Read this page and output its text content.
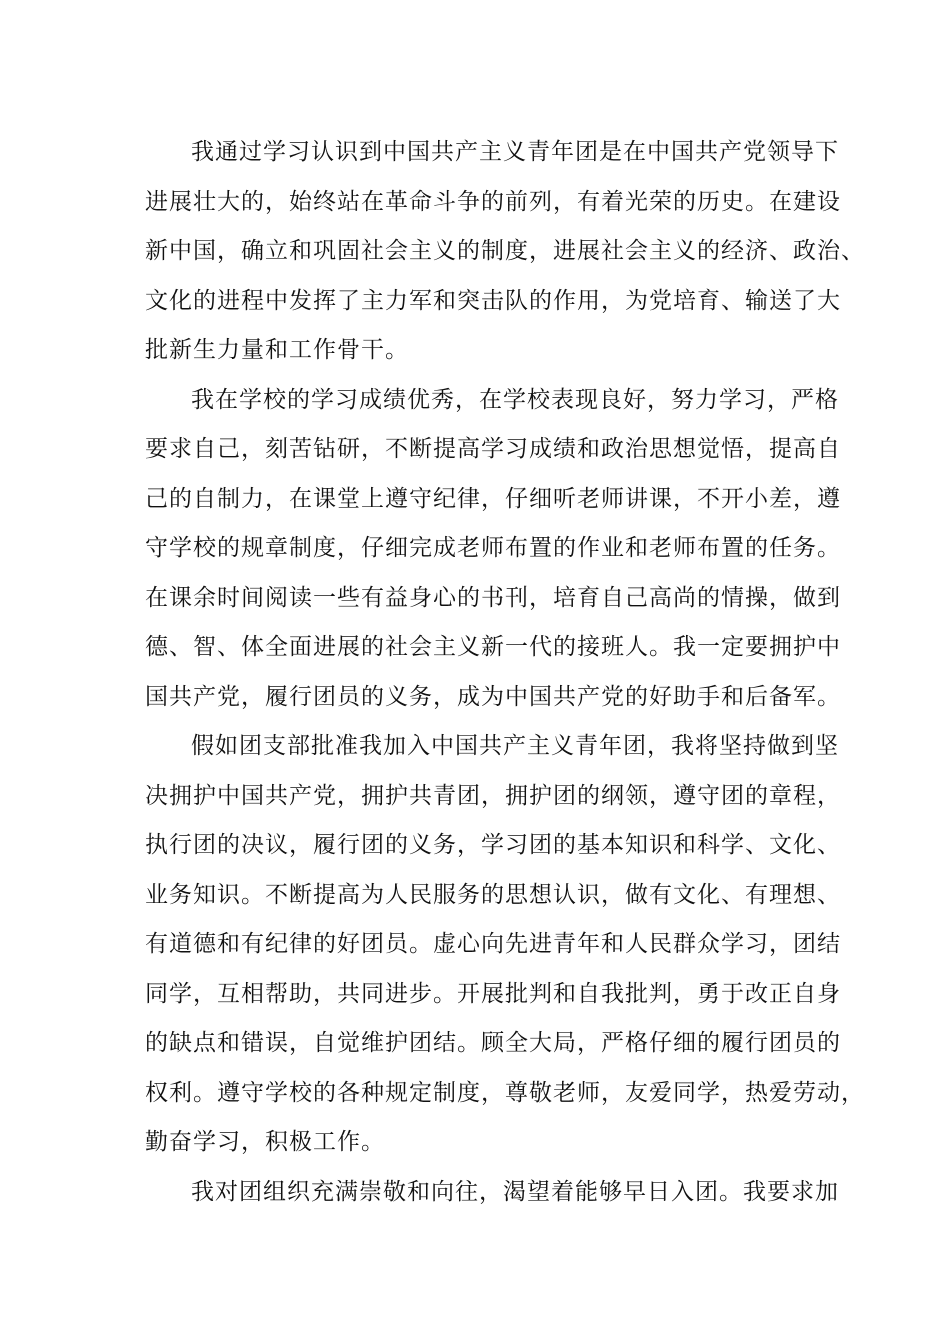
我通过学习认识到中国共产主义青年团是在中国共产党领导下
进展壮大的，始终站在革命斗争的前列，有着光荣的历史。在建设
新中国，确立和巩固社会主义的制度，进展社会主义的经济、政治、
文化的进程中发挥了主力军和突击队的作用，为党培育、输送了大
批新生力量和工作骨干。
我在学校的学习成绩优秀，在学校表现良好，努力学习，严格
要求自己，刻苦钻研，不断提高学习成绩和政治思想觉悟，提高自
己的自制力，在课堂上遵守纪律，仔细听老师讲课，不开小差，遵
守学校的规章制度，仔细完成老师布置的作业和老师布置的任务。
在课余时间阅读一些有益身心的书刊，培育自己高尚的情操，做到
德、智、体全面进展的社会主义新一代的接班人。我一定要拥护中
国共产党，履行团员的义务，成为中国共产党的好助手和后备军。
假如团支部批准我加入中国共产主义青年团，我将坚持做到坚
决拥护中国共产党，拥护共青团，拥护团的纲领，遵守团的章程，
执行团的决议，履行团的义务，学习团的基本知识和科学、文化、
业务知识。不断提高为人民服务的思想认识，做有文化、有理想、
有道德和有纪律的好团员。虚心向先进青年和人民群众学习，团结
同学，互相帮助，共同进步。开展批判和自我批判，勇于改正自身
的缺点和错误，自觉维护团结。顾全大局，严格仔细的履行团员的
权利。遵守学校的各种规定制度，尊敬老师，友爱同学，热爱劳动，
勤奋学习，积极工作。
我对团组织充满崇敬和向往，渴望着能够早日入团。我要求加
